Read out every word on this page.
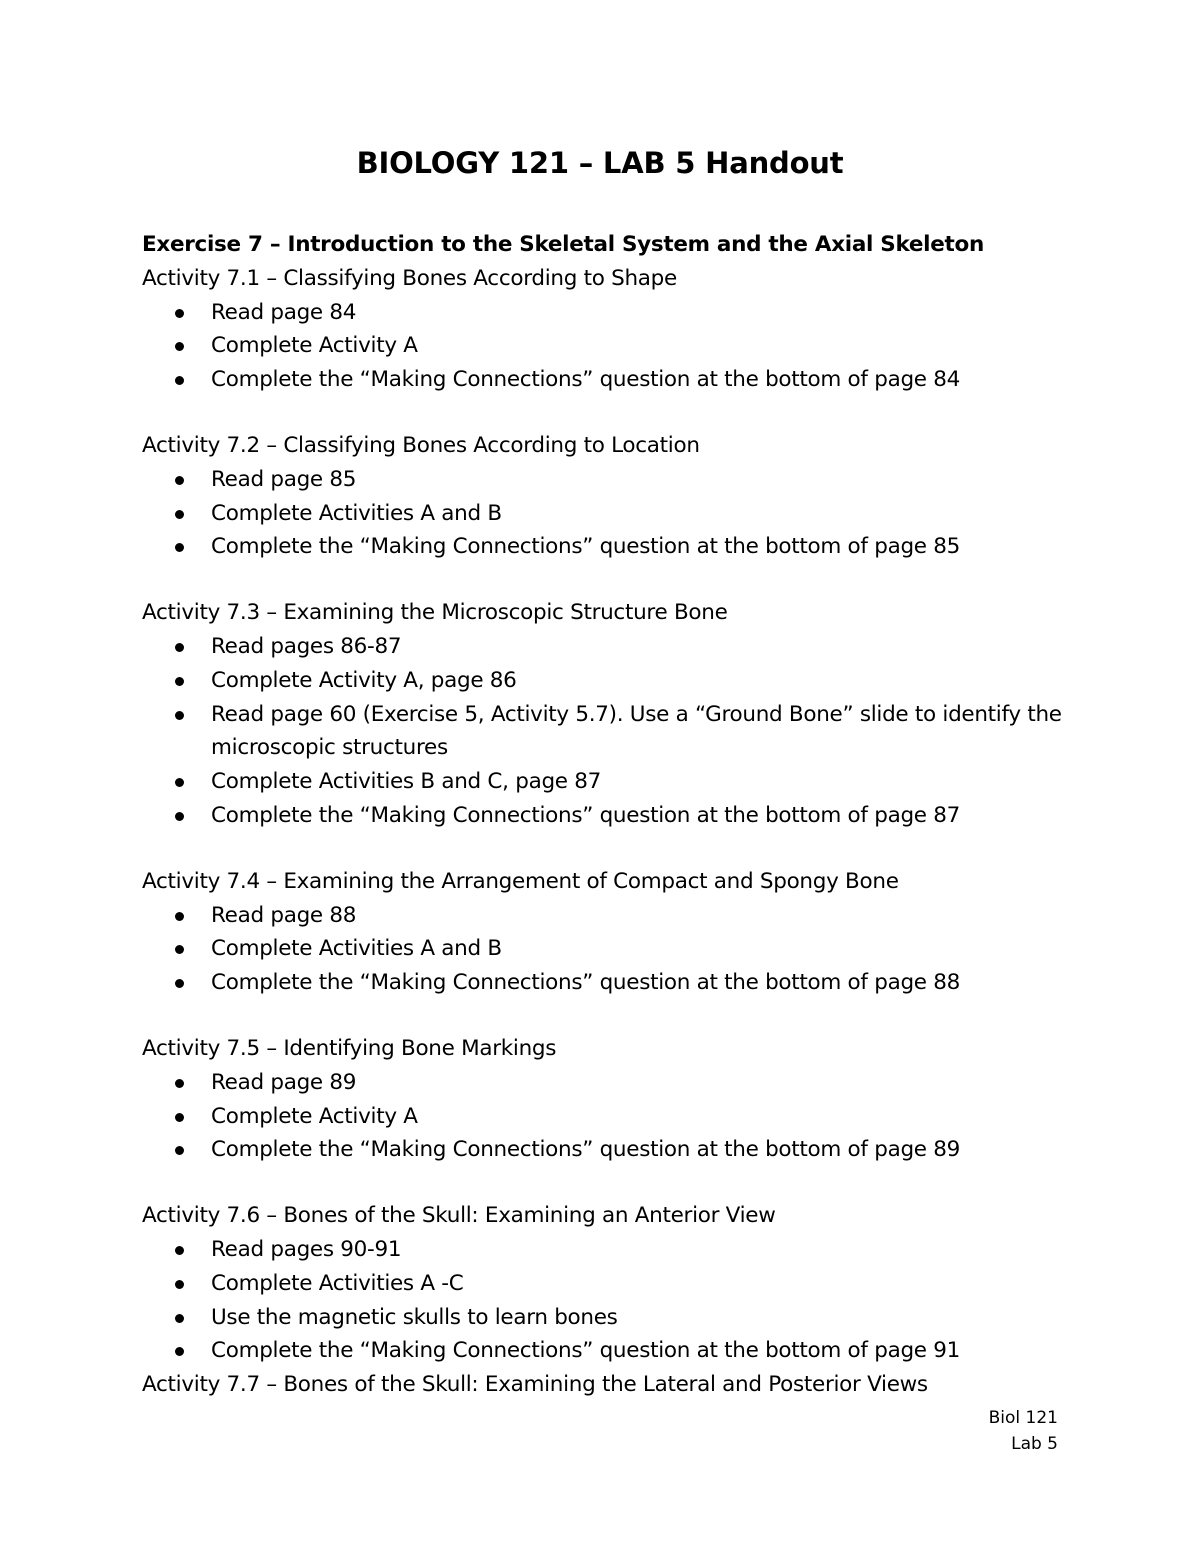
BIOLOGY 121 – LAB 5 Handout

Exercise 7 – Introduction to the Skeletal System and the Axial Skeleton

Activity 7.1 – Classifying Bones According to Shape

Read page 84
Complete Activity A
Complete the “Making Connections” question at the bottom of page 84

Activity 7.2 – Classifying Bones According to Location

Read page 85
Complete Activities A and B
Complete the “Making Connections” question at the bottom of page 85

Activity 7.3 – Examining the Microscopic Structure Bone

Read pages 86-87
Complete Activity A, page 86
Read page 60 (Exercise 5, Activity 5.7). Use a “Ground Bone” slide to identify the microscopic structures
Complete Activities B and C, page 87
Complete the “Making Connections” question at the bottom of page 87

Activity 7.4 – Examining the Arrangement of Compact and Spongy Bone

Read page 88
Complete Activities A and B
Complete the “Making Connections” question at the bottom of page 88

Activity 7.5 – Identifying Bone Markings

Read page 89
Complete Activity A
Complete the “Making Connections” question at the bottom of page 89

Activity 7.6 – Bones of the Skull: Examining an Anterior View

Read pages 90-91
Complete Activities A -C
Use the magnetic skulls to learn bones
Complete the “Making Connections” question at the bottom of page 91

Activity 7.7 – Bones of the Skull: Examining the Lateral and Posterior Views

Biol 121
Lab 5
